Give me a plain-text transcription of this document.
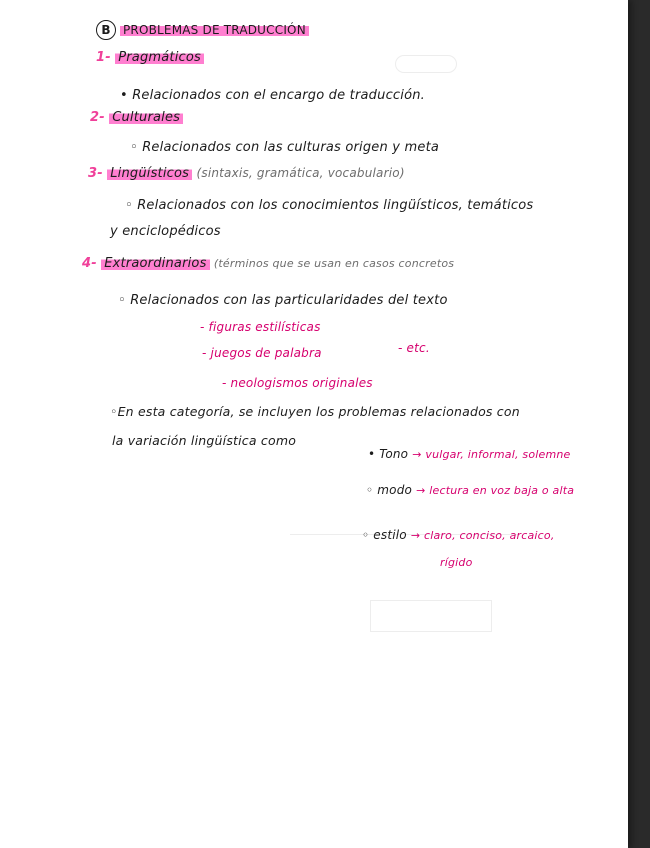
B PROBLEMAS DE TRADUCCIÓN
1- Pragmáticos
• Relacionados con el encargo de traducción.
2- Culturales
◦ Relacionados con las culturas origen y meta
3- Lingüísticos (sintaxis, gramática, vocabulario)
◦ Relacionados con los conocimientos lingüísticos, temáticos
y enciclopédicos
4- Extraordinarios (términos que se usan en casos concretos
◦ Relacionados con las particularidades del texto
- figuras estilísticas
- juegos de palabra	- etc.
- neologismos originales
◦En esta categoría, se incluyen los problemas relacionados con
la variación lingüística como
• Tono → vulgar, informal, solemne
◦ modo → lectura en voz baja o alta
◦ estilo → claro, conciso, arcaico,
rígido
